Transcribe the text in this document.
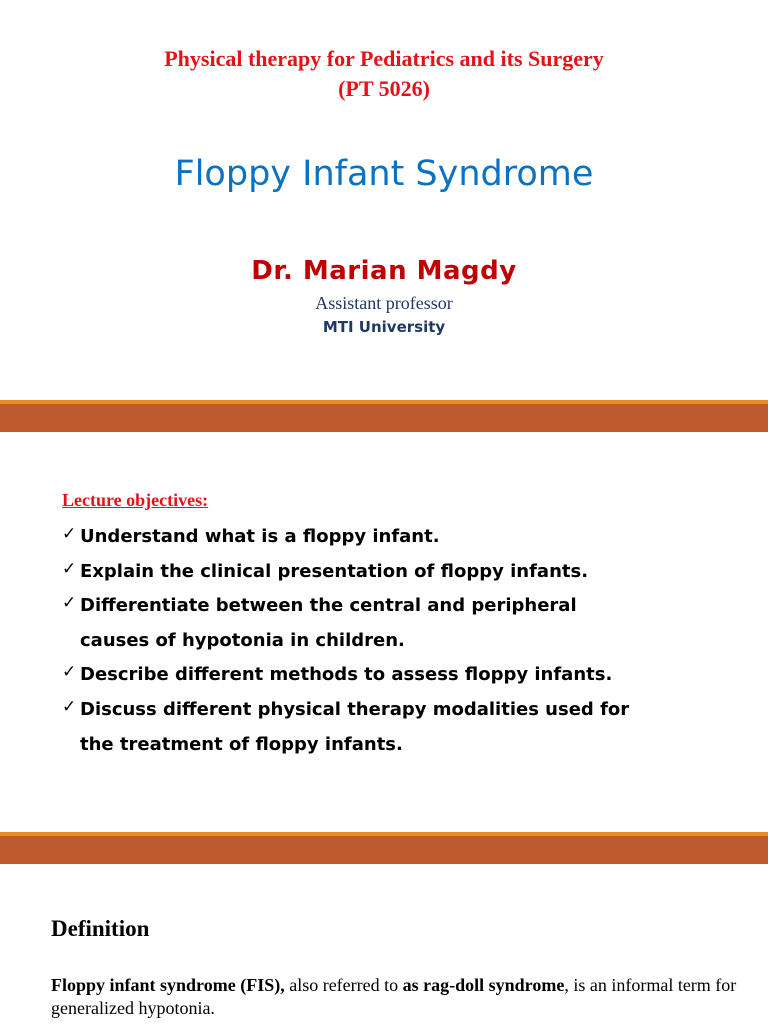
Physical therapy for Pediatrics and its Surgery
(PT 5026)
Floppy Infant Syndrome
Dr. Marian Magdy
Assistant professor
MTI University
Lecture objectives:
✓ Understand what is a floppy infant.
✓ Explain the clinical presentation of floppy infants.
✓ Differentiate between the central and peripheral
causes of hypotonia in children.
✓ Describe different methods to assess floppy infants.
✓ Discuss different physical therapy modalities used for
the treatment of floppy infants.
Definition
Floppy infant syndrome (FIS), also referred to as rag-doll syndrome, is an informal term for generalized hypotonia.
